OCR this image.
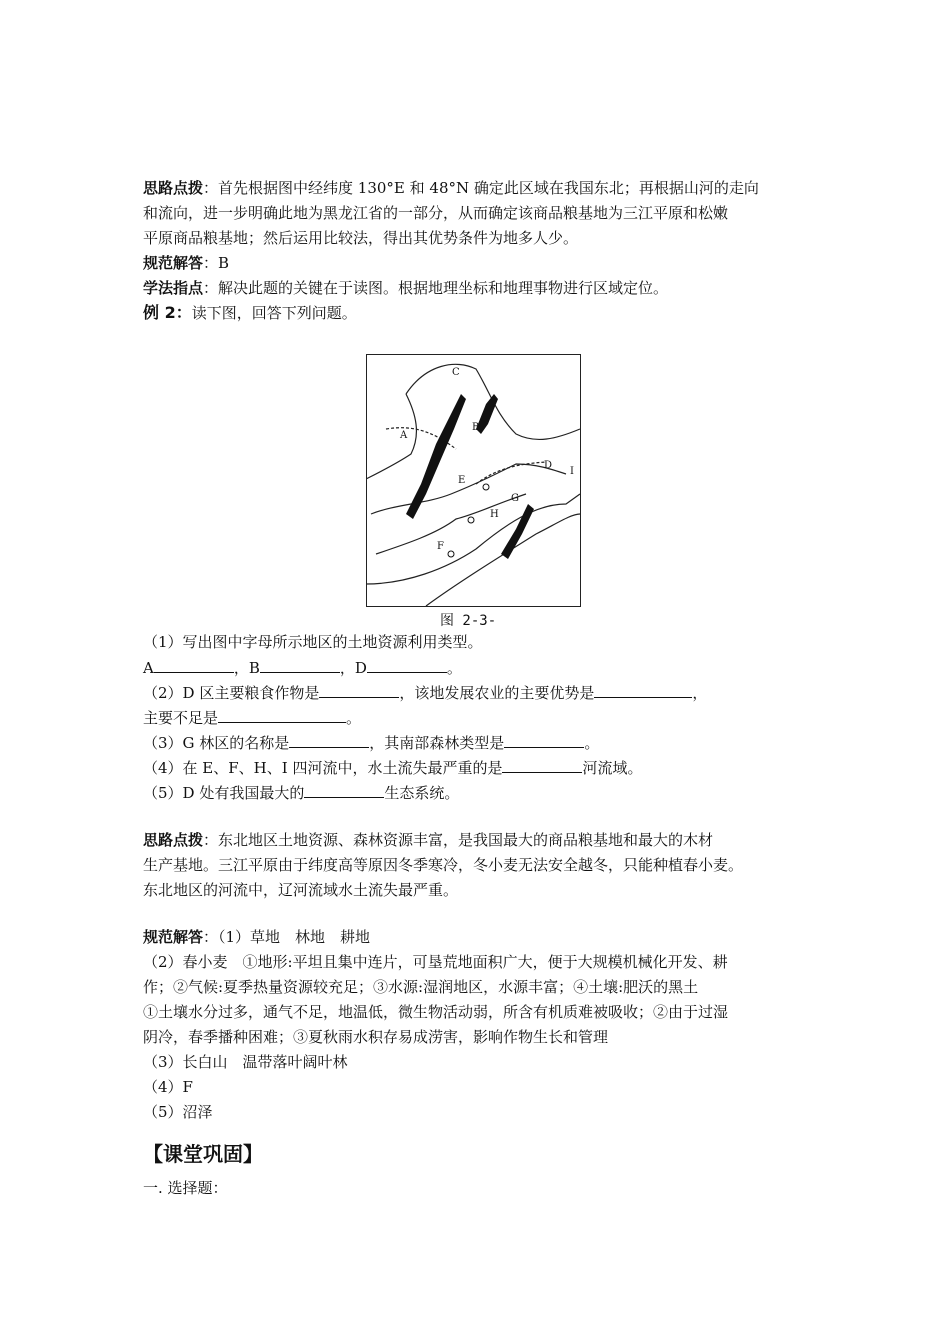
思路点拨：首先根据图中经纬度 130°E 和 48°N 确定此区域在我国东北；再根据山河的走向
和流向，进一步明确此地为黑龙江省的一部分，从而确定该商品粮基地为三江平原和松嫩
平原商品粮基地；然后运用比较法，得出其优势条件为地多人少。
规范解答：B
学法指点：解决此题的关键在于读图。根据地理坐标和地理事物进行区域定位。
例 2：读下图，回答下列问题。
C
A
B
D
I
E
G
H
F
图 2-3-
（1）写出图中字母所示地区的土地资源利用类型。
A	，B	，D	。
（2）D 区主要粮食作物是	，该地发展农业的主要优势是	，
主要不足是	。
（3）G 林区的名称是	，其南部森林类型是	。
（4）在 E、F、H、I 四河流中，水土流失最严重的是	河流域。
（5）D 处有我国最大的	生态系统。
思路点拨：东北地区土地资源、森林资源丰富，是我国最大的商品粮基地和最大的木材
生产基地。三江平原由于纬度高等原因冬季寒冷，冬小麦无法安全越冬，只能种植春小麦。
东北地区的河流中，辽河流域水土流失最严重。
规范解答：（1）草地　林地　耕地
（2）春小麦　①地形:平坦且集中连片，可垦荒地面积广大，便于大规模机械化开发、耕
作；②气候:夏季热量资源较充足；③水源:湿润地区，水源丰富；④土壤:肥沃的黑土
①土壤水分过多，通气不足，地温低，微生物活动弱，所含有机质难被吸收；②由于过湿
阴冷，春季播种困难；③夏秋雨水积存易成涝害，影响作物生长和管理
（3）长白山　温带落叶阔叶林
（4）F
（5）沼泽
【课堂巩固】
一. 选择题：
